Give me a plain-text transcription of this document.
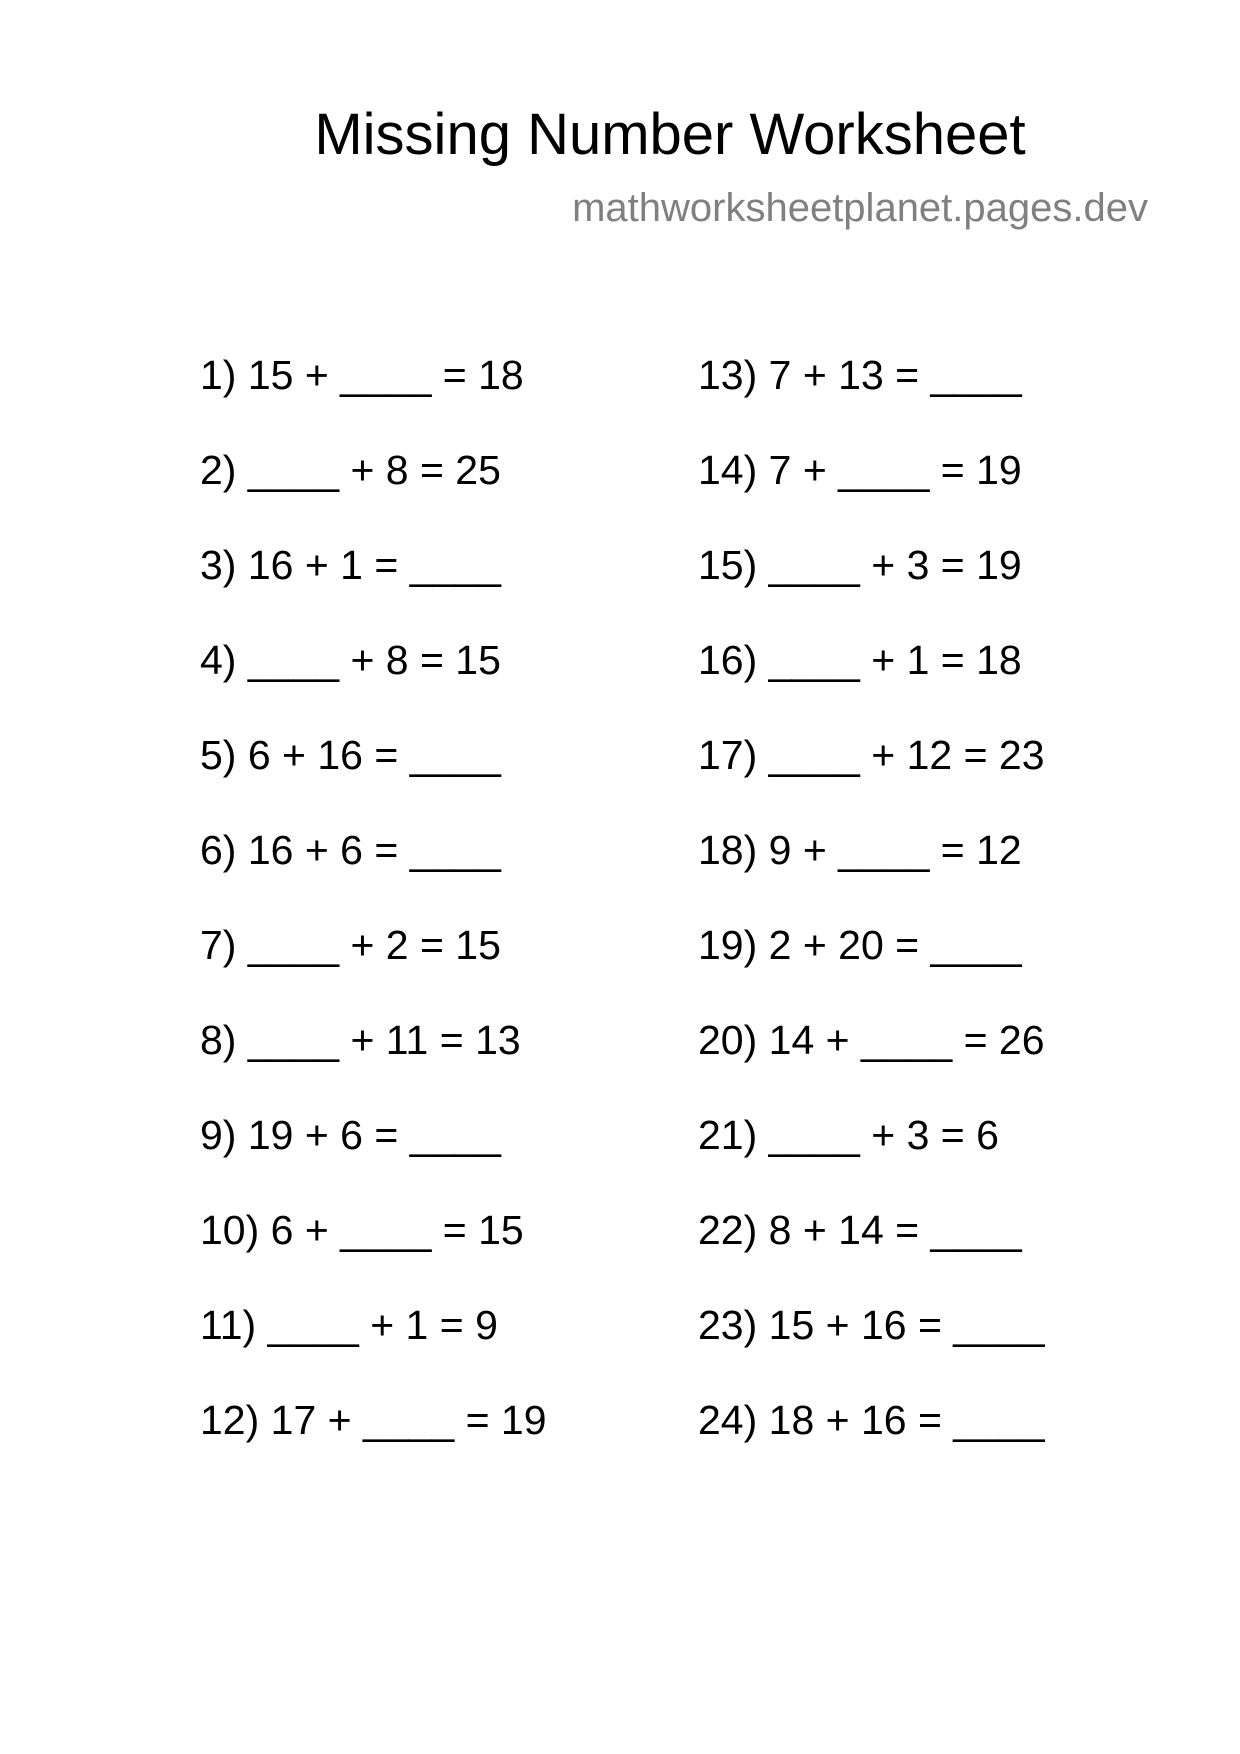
Missing Number Worksheet
mathworksheetplanet.pages.dev
1) 15 + ____ = 18
2) ____ + 8 = 25
3) 16 + 1 = ____
4) ____ + 8 = 15
5) 6 + 16 = ____
6) 16 + 6 = ____
7) ____ + 2 = 15
8) ____ + 11 = 13
9) 19 + 6 = ____
10) 6 + ____ = 15
11) ____ + 1 = 9
12) 17 + ____ = 19
13) 7 + 13 = ____
14) 7 + ____ = 19
15) ____ + 3 = 19
16) ____ + 1 = 18
17) ____ + 12 = 23
18) 9 + ____ = 12
19) 2 + 20 = ____
20) 14 + ____ = 26
21) ____ + 3 = 6
22) 8 + 14 = ____
23) 15 + 16 = ____
24) 18 + 16 = ____
